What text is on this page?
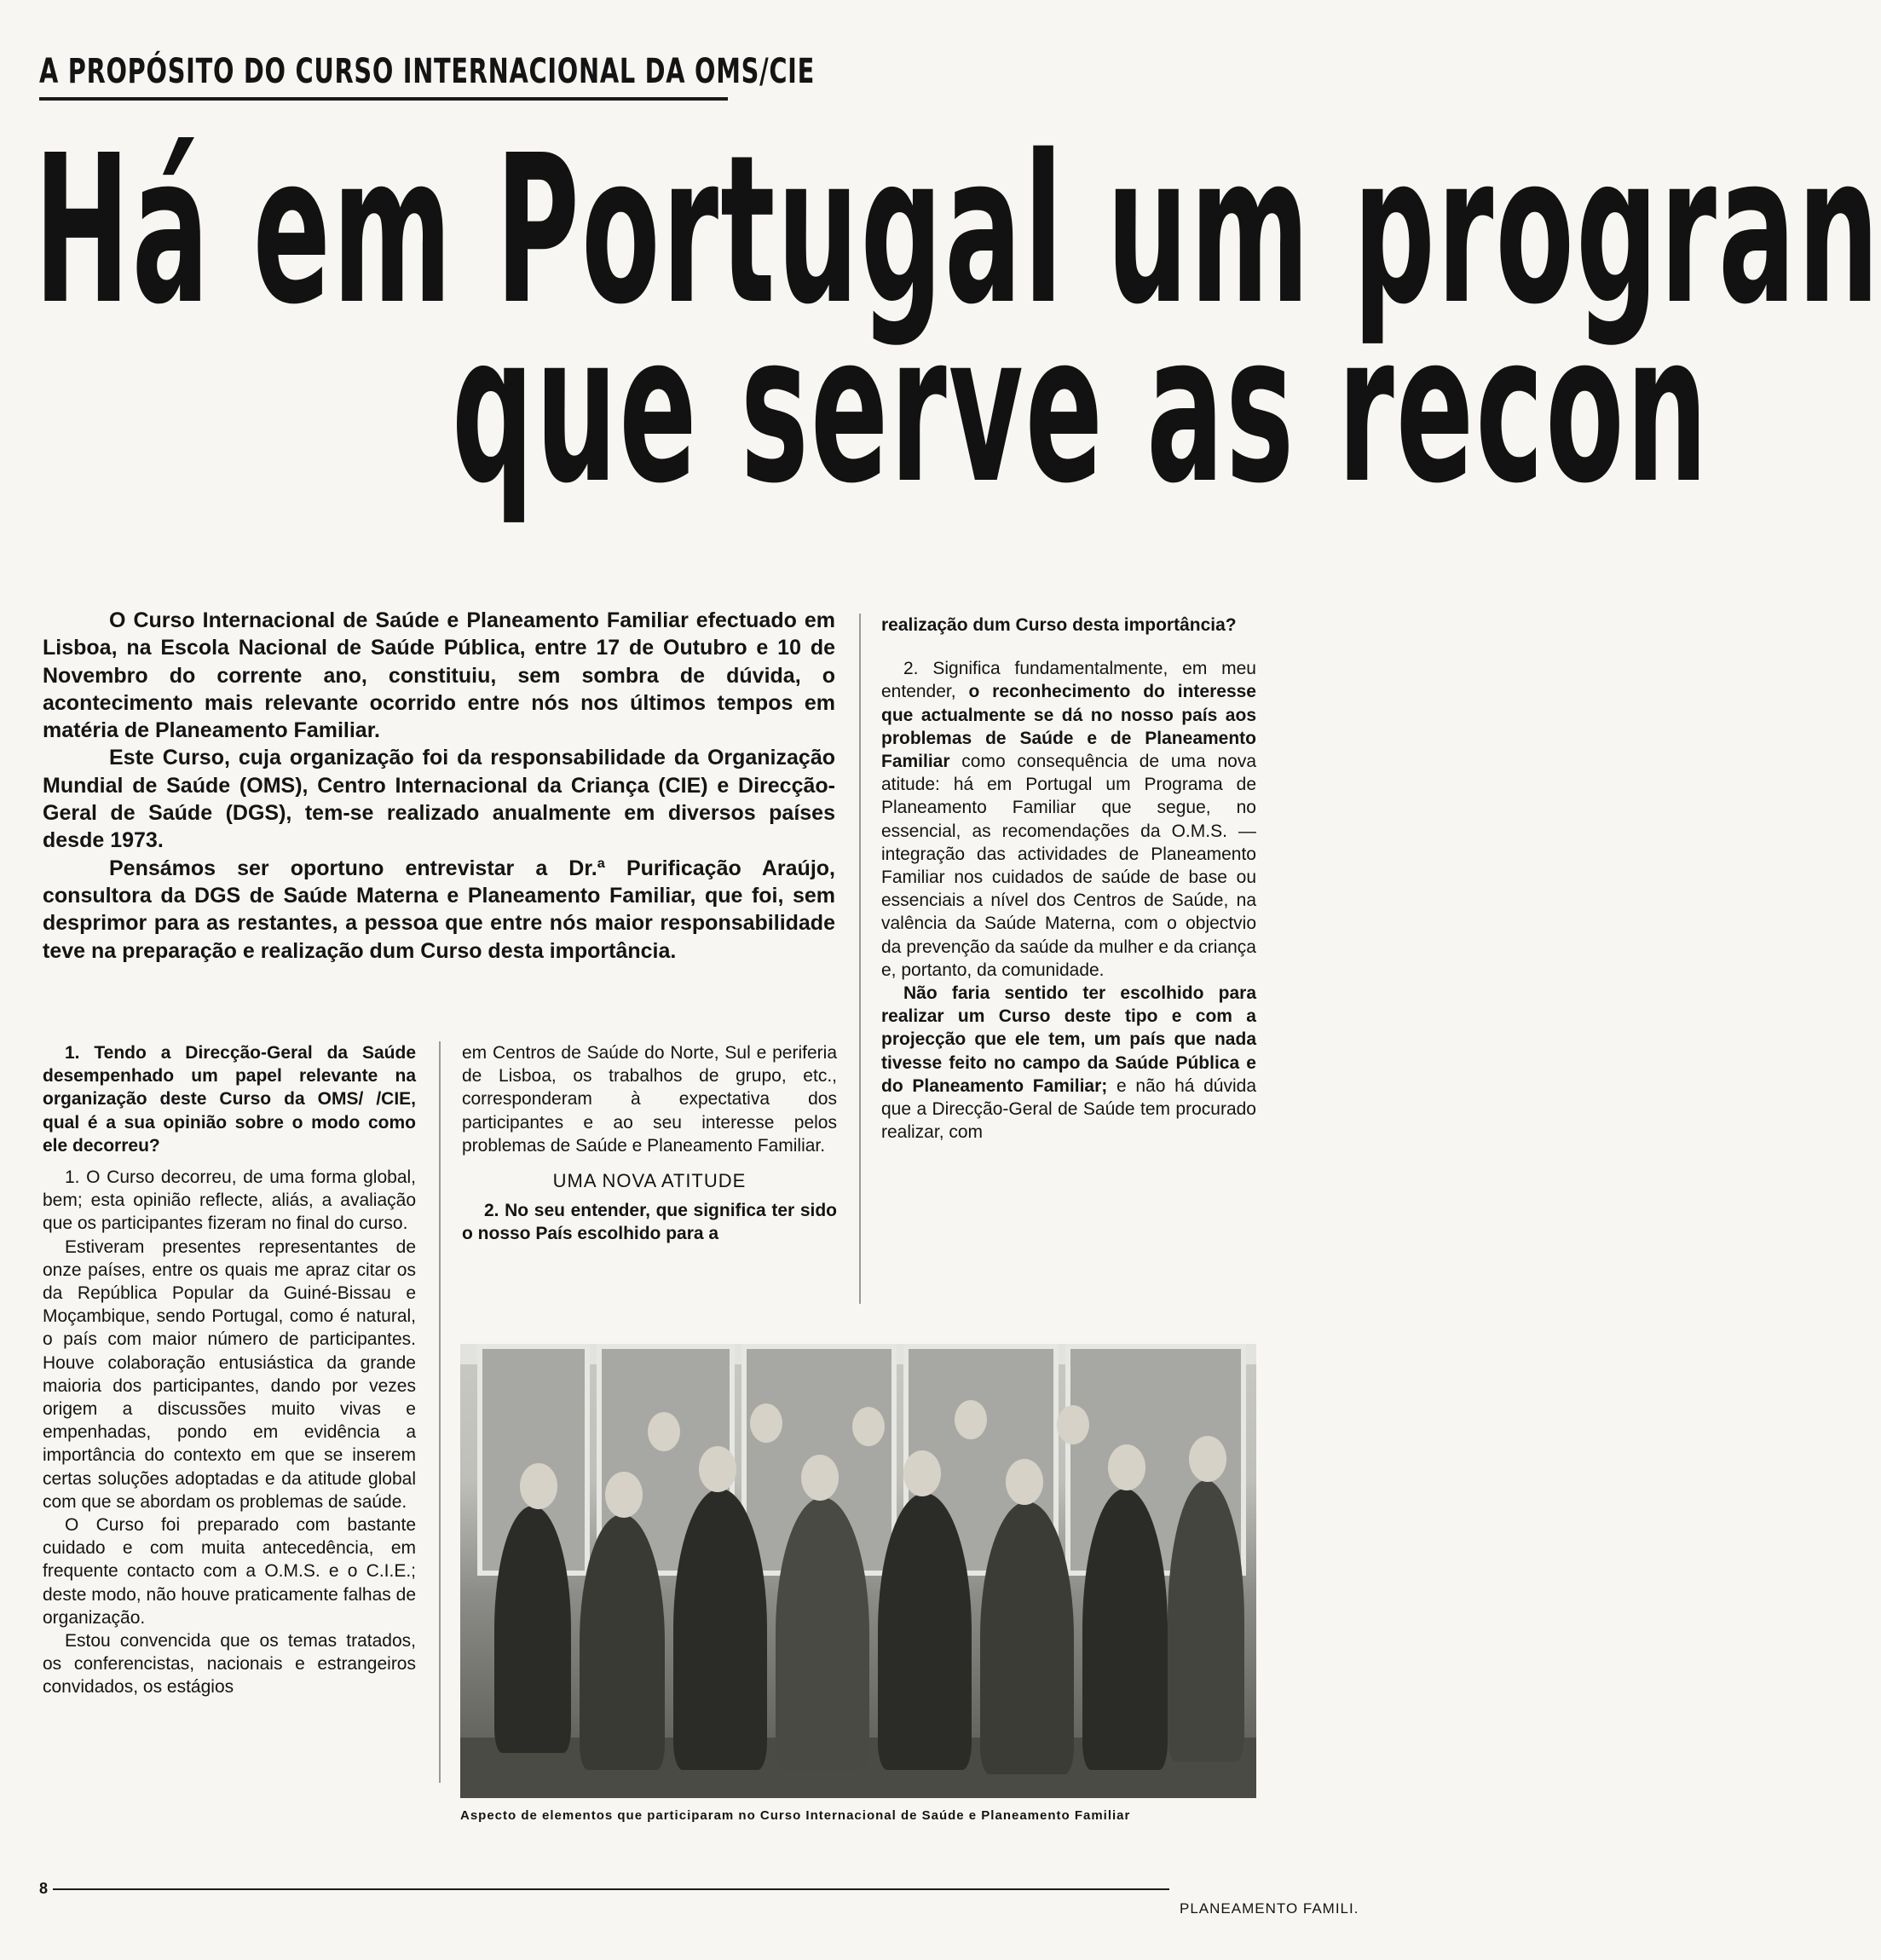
A PROPÓSITO DO CURSO INTERNACIONAL DA OMS/CIE
Há em Portugal um progran
que serve as recon

O Curso Internacional de Saúde e Planeamento Familiar efectuado em Lisboa, na Escola Nacional de Saúde Pública, entre 17 de Outubro e 10 de Novembro do corrente ano, constituiu, sem sombra de dúvida, o acontecimento mais relevante ocorrido entre nós nos últimos tempos em matéria de Planeamento Familiar.

Este Curso, cuja organização foi da responsabilidade da Organização Mundial de Saúde (OMS), Centro Internacional da Criança (CIE) e Direcção-Geral de Saúde (DGS), tem-se realizado anualmente em diversos países desde 1973.

Pensámos ser oportuno entrevistar a Dr.ª Purificação Araújo, consultora da DGS de Saúde Materna e Planeamento Familiar, que foi, sem desprimor para as restantes, a pessoa que entre nós maior responsabilidade teve na preparação e realização dum Curso desta importância.

1. Tendo a Direcção-Geral da Saúde desempenhado um papel relevante na organização deste Curso da OMS/ /CIE, qual é a sua opinião sobre o modo como ele decorreu?

1. O Curso decorreu, de uma forma global, bem; esta opinião reflecte, aliás, a avaliação que os participantes fizeram no final do curso.

Estiveram presentes representantes de onze países, entre os quais me apraz citar os da República Popular da Guiné-Bissau e Moçambique, sendo Portugal, como é natural, o país com maior número de participantes. Houve colaboração entusiástica da grande maioria dos participantes, dando por vezes origem a discussões muito vivas e empenhadas, pondo em evidência a importância do contexto em que se inserem certas soluções adoptadas e da atitude global com que se abordam os problemas de saúde.

O Curso foi preparado com bastante cuidado e com muita antecedência, em frequente contacto com a O.M.S. e o C.I.E.; deste modo, não houve praticamente falhas de organização.

Estou convencida que os temas tratados, os conferencistas, nacionais e estrangeiros convidados, os estágios

em Centros de Saúde do Norte, Sul e periferia de Lisboa, os trabalhos de grupo, etc., corresponderam à expectativa dos participantes e ao seu interesse pelos problemas de Saúde e Planeamento Familiar.

UMA NOVA ATITUDE

2. No seu entender, que significa ter sido o nosso País escolhido para a

realização dum Curso desta importância?

2. Significa fundamentalmente, em meu entender, o reconhecimento do interesse que actualmente se dá no nosso país aos problemas de Saúde e de Planeamento Familiar como consequência de uma nova atitude: há em Portugal um Programa de Planeamento Familiar que segue, no essencial, as recomendações da O.M.S. — integração das actividades de Planeamento Familiar nos cuidados de saúde de base ou essenciais a nível dos Centros de Saúde, na valência da Saúde Materna, com o objectvio da prevenção da saúde da mulher e da criança e, portanto, da comunidade.

Não faria sentido ter escolhido para realizar um Curso deste tipo e com a projecção que ele tem, um país que nada tivesse feito no campo da Saúde Pública e do Planeamento Familiar; e não há dúvida que a Direcção-Geral de Saúde tem procurado realizar, com

Aspecto de elementos que participaram no Curso Internacional de Saúde e Planeamento Familiar

8
PLANEAMENTO FAMILI.
